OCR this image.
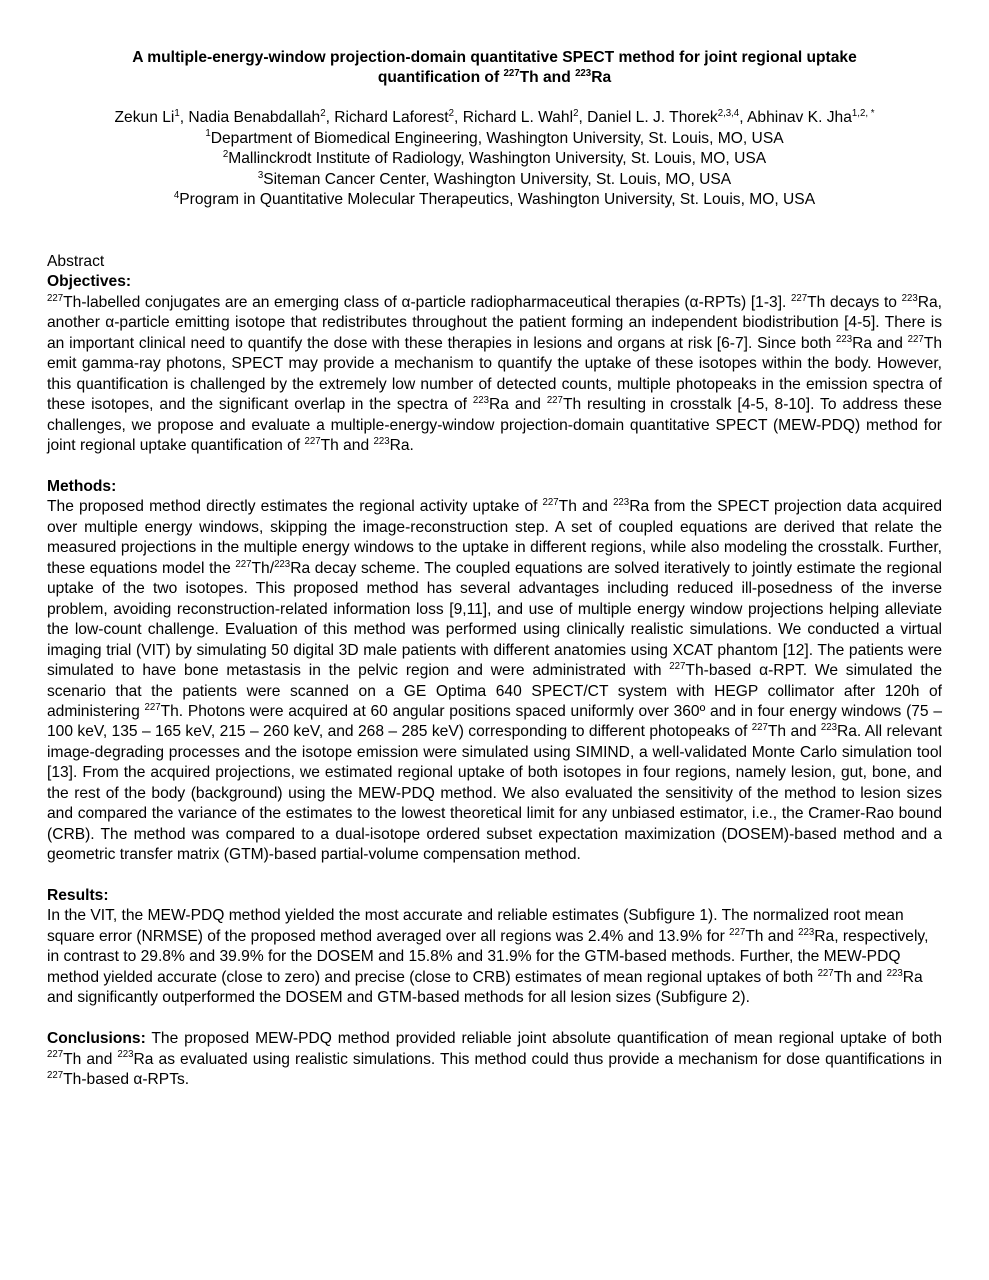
A multiple-energy-window projection-domain quantitative SPECT method for joint regional uptake
quantification of $^{227}$Th and $^{223}$Ra
Zekun Li$^1$, Nadia Benabdallah$^2$, Richard Laforest$^2$, Richard L. Wahl$^2$, Daniel L. J. Thorek$^{2,3,4}$, Abhinav K. Jha$^{1,2, *}$
$^1$Department of Biomedical Engineering, Washington University, St. Louis, MO, USA
$^2$Mallinckrodt Institute of Radiology, Washington University, St. Louis, MO, USA
$^3$Siteman Cancer Center, Washington University, St. Louis, MO, USA
$^4$Program in Quantitative Molecular Therapeutics, Washington University, St. Louis, MO, USA
Abstract
Objectives:

$^{227}$Th-labelled conjugates are an emerging class of α-particle radiopharmaceutical therapies (α-RPTs) [1-3]. $^{227}$Th decays to $^{223}$Ra, another α-particle emitting isotope that redistributes throughout the patient forming an independent biodistribution [4-5]. There is an important clinical need to quantify the dose with these therapies in lesions and organs at risk [6-7]. Since both $^{223}$Ra and $^{227}$Th emit gamma-ray photons, SPECT may provide a mechanism to quantify the uptake of these isotopes within the body. However, this quantification is challenged by the extremely low number of detected counts, multiple photopeaks in the emission spectra of these isotopes, and the significant overlap in the spectra of $^{223}$Ra and $^{227}$Th resulting in crosstalk [4-5, 8-10]. To address these challenges, we propose and evaluate a multiple-energy-window projection-domain quantitative SPECT (MEW-PDQ) method for joint regional uptake quantification of $^{227}$Th and $^{223}$Ra.

Methods:

The proposed method directly estimates the regional activity uptake of $^{227}$Th and $^{223}$Ra from the SPECT projection data acquired over multiple energy windows, skipping the image-reconstruction step. A set of coupled equations are derived that relate the measured projections in the multiple energy windows to the uptake in different regions, while also modeling the crosstalk. Further, these equations model the $^{227}$Th/$^{223}$Ra decay scheme. The coupled equations are solved iteratively to jointly estimate the regional uptake of the two isotopes. This proposed method has several advantages including reduced ill-posedness of the inverse problem, avoiding reconstruction-related information loss [9,11], and use of multiple energy window projections helping alleviate the low-count challenge. Evaluation of this method was performed using clinically realistic simulations. We conducted a virtual imaging trial (VIT) by simulating 50 digital 3D male patients with different anatomies using XCAT phantom [12]. The patients were simulated to have bone metastasis in the pelvic region and were administrated with $^{227}$Th-based α-RPT. We simulated the scenario that the patients were scanned on a GE Optima 640 SPECT/CT system with HEGP collimator after 120h of administering $^{227}$Th. Photons were acquired at 60 angular positions spaced uniformly over 360º and in four energy windows (75 – 100 keV, 135 – 165 keV, 215 – 260 keV, and 268 – 285 keV) corresponding to different photopeaks of $^{227}$Th and $^{223}$Ra. All relevant image-degrading processes and the isotope emission were simulated using SIMIND, a well-validated Monte Carlo simulation tool [13]. From the acquired projections, we estimated regional uptake of both isotopes in four regions, namely lesion, gut, bone, and the rest of the body (background) using the MEW-PDQ method. We also evaluated the sensitivity of the method to lesion sizes and compared the variance of the estimates to the lowest theoretical limit for any unbiased estimator, i.e., the Cramer-Rao bound (CRB). The method was compared to a dual-isotope ordered subset expectation maximization (DOSEM)-based method and a geometric transfer matrix (GTM)-based partial-volume compensation method.

Results:

In the VIT, the MEW-PDQ method yielded the most accurate and reliable estimates (Subfigure 1). The normalized root mean square error (NRMSE) of the proposed method averaged over all regions was 2.4% and 13.9% for $^{227}$Th and $^{223}$Ra, respectively, in contrast to 29.8% and 39.9% for the DOSEM and 15.8% and 31.9% for the GTM-based methods. Further, the MEW-PDQ method yielded accurate (close to zero) and precise (close to CRB) estimates of mean regional uptakes of both $^{227}$Th and $^{223}$Ra and significantly outperformed the DOSEM and GTM-based methods for all lesion sizes (Subfigure 2).

Conclusions: The proposed MEW-PDQ method provided reliable joint absolute quantification of mean regional uptake of both $^{227}$Th and $^{223}$Ra as evaluated using realistic simulations. This method could thus provide a mechanism for dose quantifications in $^{227}$Th-based α-RPTs.
